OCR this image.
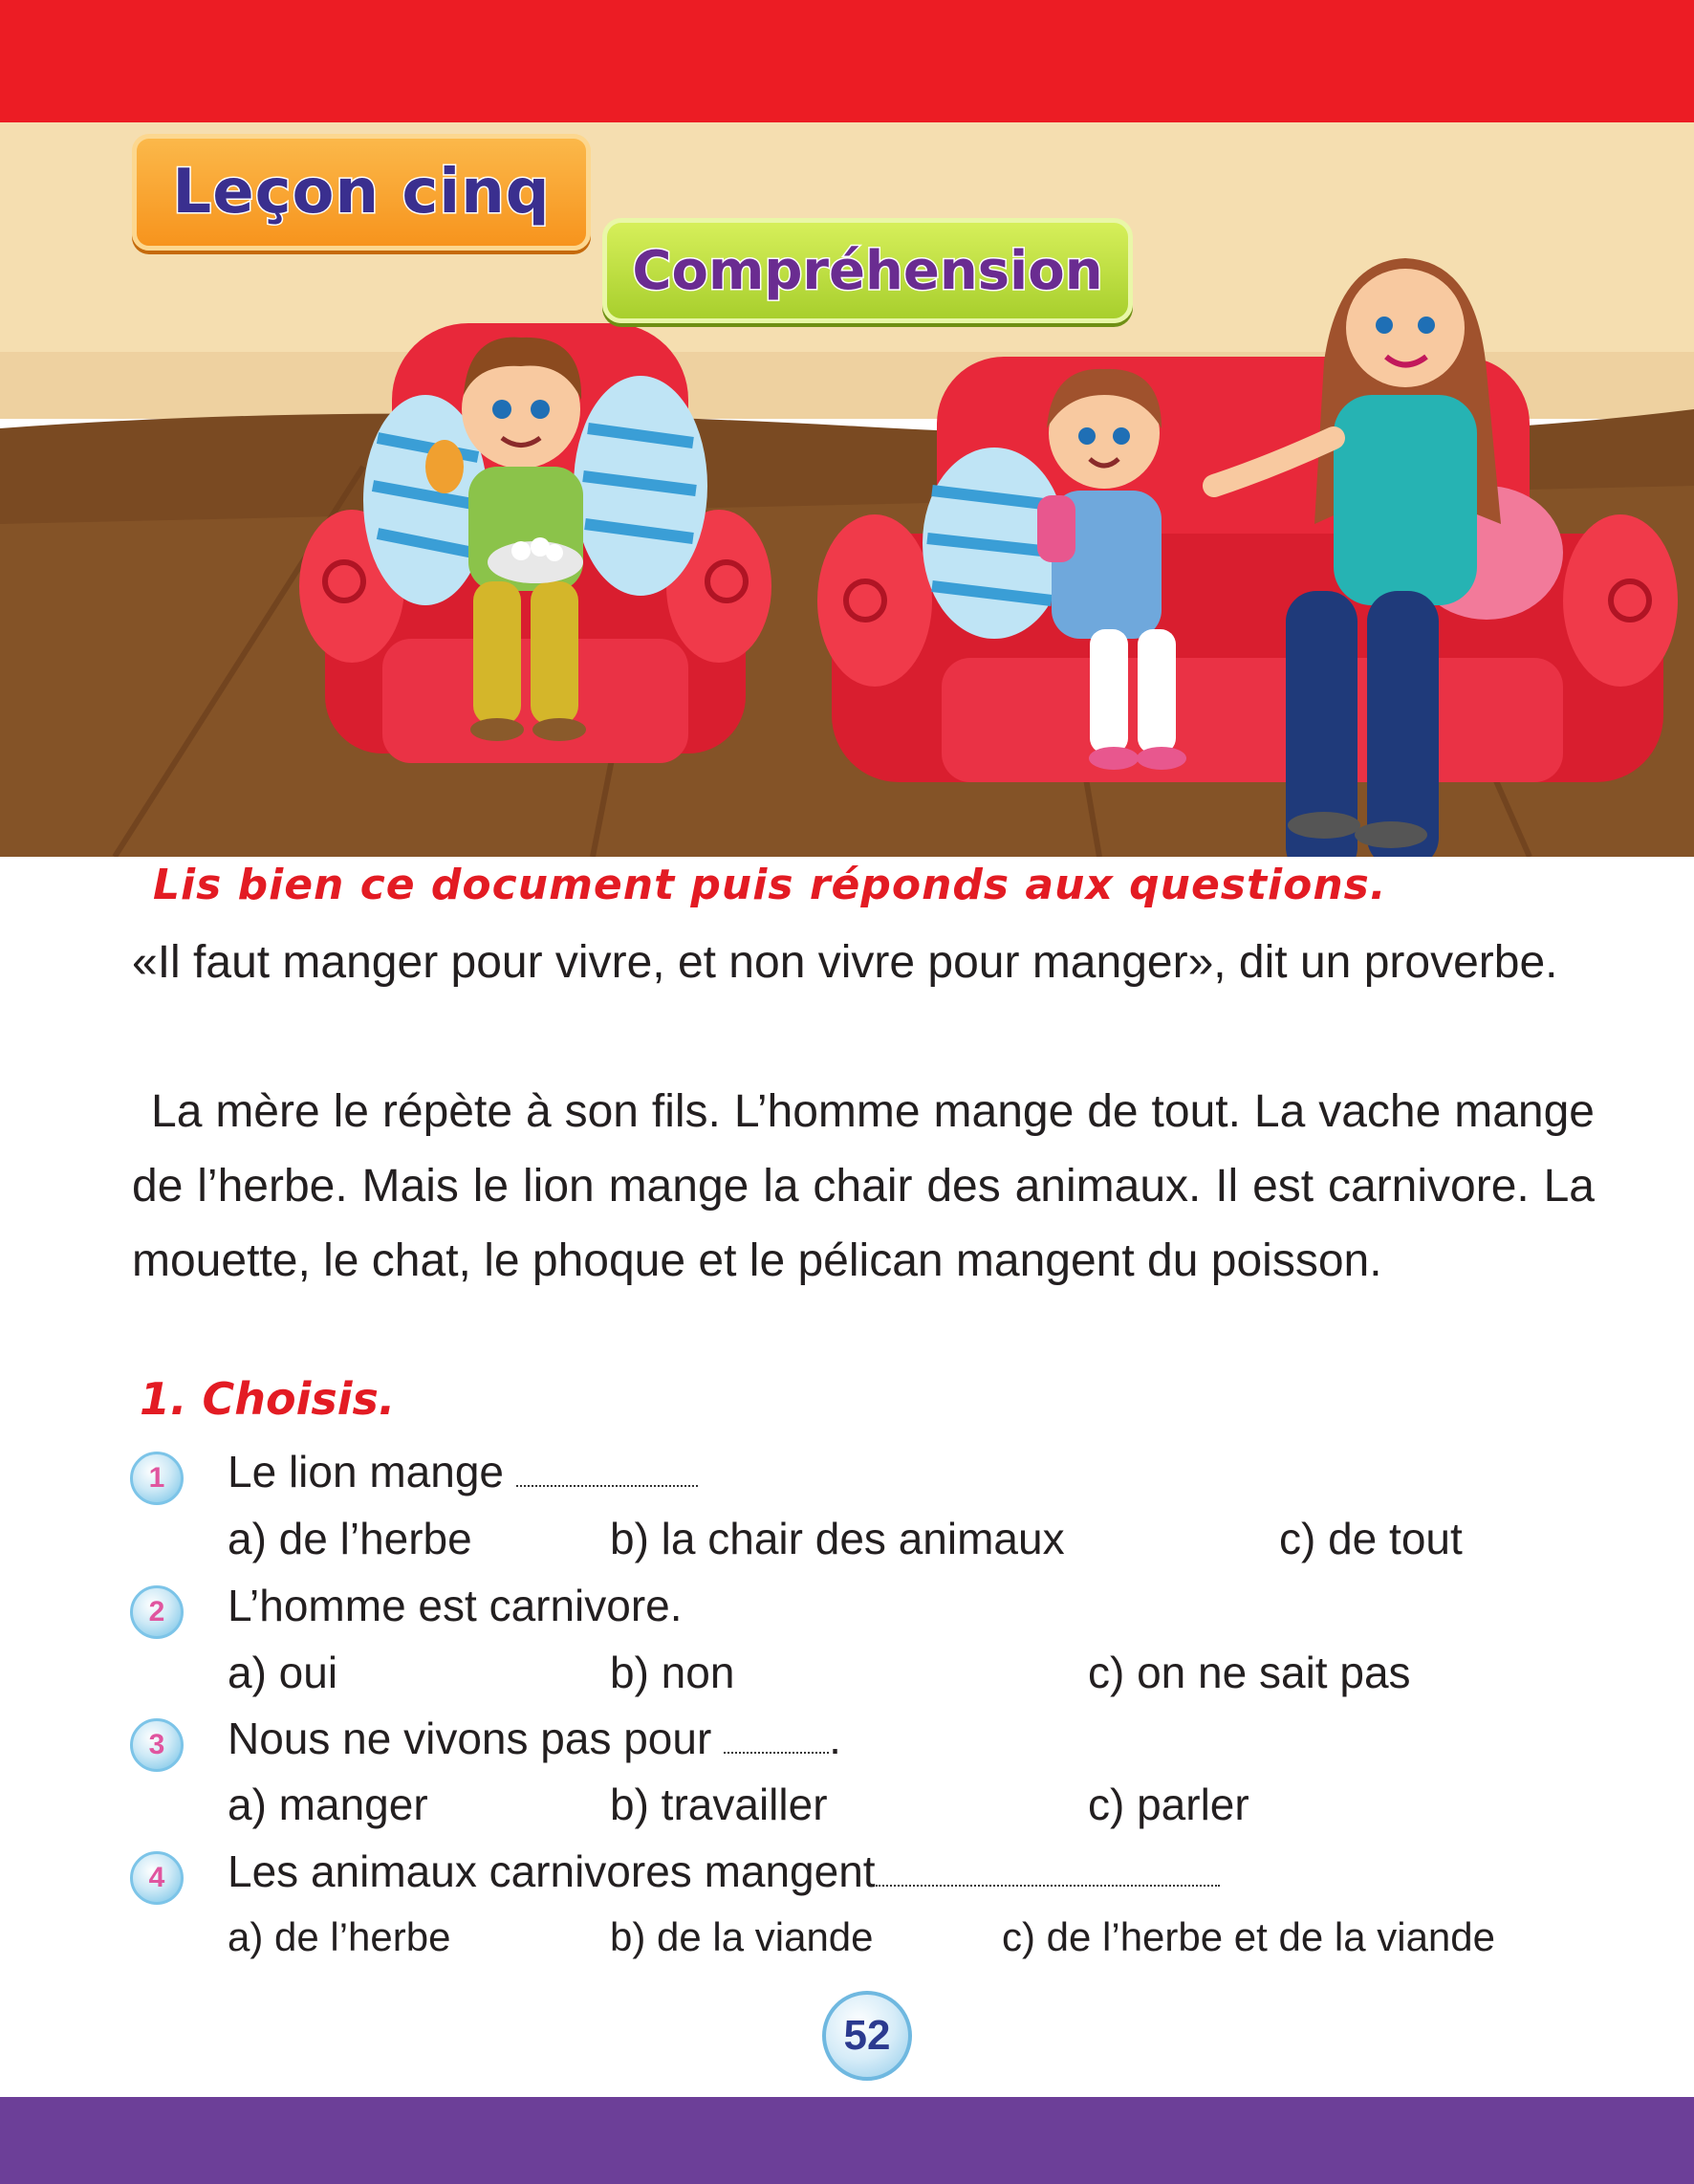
Leçon cinq
Compréhension
Lis bien ce document puis réponds aux questions.
«Il faut manger pour vivre, et non vivre pour manger», dit un proverbe.
La mère le répète à son fils. L’homme mange de tout. La vache mange de l’herbe. Mais le lion mange la chair des animaux. Il est carnivore. La mouette, le chat, le phoque et le pélican mangent du poisson.
1. Choisis.
1	Le lion mange
a) de l’herbe	b) la chair des animaux	c) de tout
2	L’homme est carnivore.
a) oui	b) non	c) on ne sait pas
3	Nous ne vivons pas pour	.
a) manger	b) travailler	c) parler
4	Les animaux carnivores mangent
a) de l’herbe	b) de la viande	c) de l’herbe et de la viande
52
